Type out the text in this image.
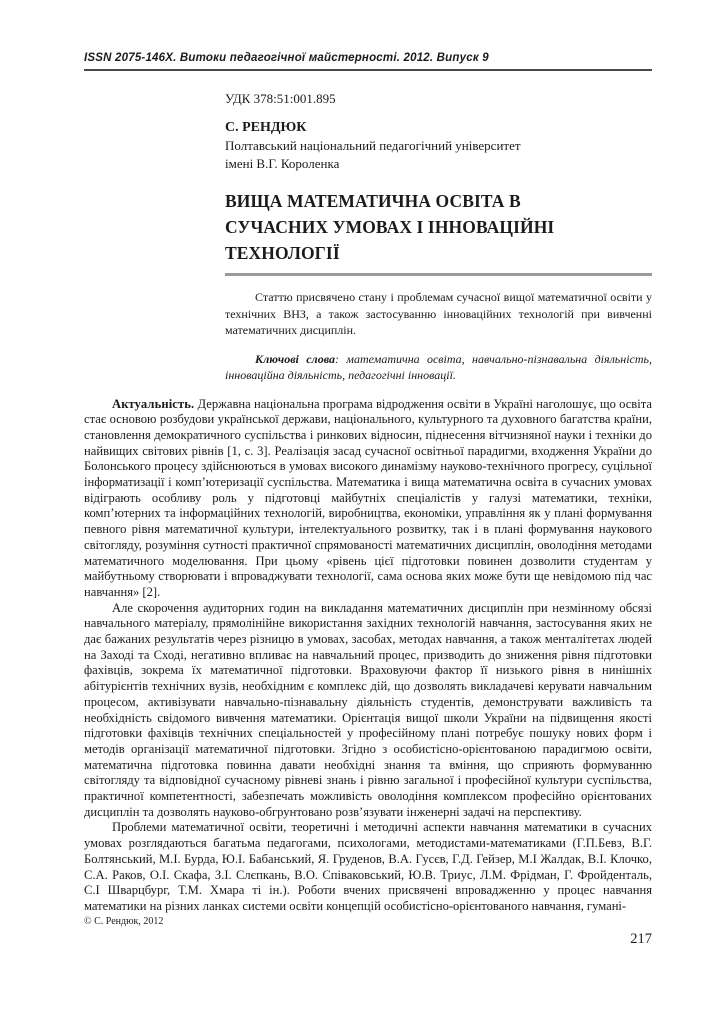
ISSN 2075-146X. Витоки педагогічної майстерності. 2012. Випуск 9
УДК 378:51:001.895
С. РЕНДЮК
Полтавський національний педагогічний університет
імені В.Г. Короленка
ВИЩА МАТЕМАТИЧНА ОСВІТА В СУЧАСНИХ УМОВАХ І ІННОВАЦІЙНІ ТЕХНОЛОГІЇ

Статтю присвячено стану і проблемам сучасної вищої математичної освіти у технічних ВНЗ, а також застосуванню інноваційних технологій при вивченні математичних дисциплін.

Ключові слова: математична освіта, навчально-пізнавальна діяльність, інноваційна діяльність, педагогічні інновації.

Актуальність. Державна національна програма відродження освіти в Україні наголошує, що освіта стає основою розбудови української держави, національного, культурного та духовного багатства країни, становлення демократичного суспільства і ринкових відносин, піднесення вітчизняної науки і техніки до найвищих світових рівнів [1, с. 3]. Реалізація засад сучасної освітньої парадигми, входження України до Болонського процесу здійснюються в умовах високого динамізму науково-технічного прогресу, суцільної інформатизації і комп’ютеризації суспільства. Математика і вища математична освіта в сучасних умовах відіграють особливу роль у підготовці майбутніх спеціалістів у галузі математики, техніки, комп’ютерних та інформаційних технологій, виробництва, економіки, управління як у плані формування певного рівня математичної культури, інтелектуального розвитку, так і в плані формування наукового світогляду, розуміння сутності практичної спрямованості математичних дисциплін, оволодіння методами математичного моделювання. При цьому «рівень цієї підготовки повинен дозволити студентам у майбутньому створювати і впроваджувати технології, сама основа яких може бути ще невідомою під час навчання» [2].

Але скорочення аудиторних годин на викладання математичних дисциплін при незмінному обсязі навчального матеріалу, прямолінійне використання західних технологій навчання, застосування яких не дає бажаних результатів через різницю в умовах, засобах, методах навчання, а також менталітетах людей на Заході та Сході, негативно впливає на навчальний процес, призводить до зниження рівня підготовки фахівців, зокрема їх математичної підготовки. Враховуючи фактор її низького рівня в нинішніх абітурієнтів технічних вузів, необхідним є комплекс дій, що дозволять викладачеві керувати навчальним процесом, активізувати навчально-пізнавальну діяльність студентів, демонструвати важливість та необхідність свідомого вивчення математики. Орієнтація вищої школи України на підвищення якості підготовки фахівців технічних спеціальностей у професійному плані потребує пошуку нових форм і методів організації математичної підготовки. Згідно з особистісно-орієнтованою парадигмою освіти, математична підготовка повинна давати необхідні знання та вміння, що сприяють формуванню світогляду та відповідної сучасному рівневі знань і рівню загальної і професійної культури суспільства, практичної компетентності, забезпечать можливість оволодіння комплексом професійно орієнтованих дисциплін та дозволять науково-обгрунтовано розв’язувати інженерні задачі на перспективу.

Проблеми математичної освіти, теоретичні і методичні аспекти навчання математики в сучасних умовах розглядаються багатьма педагогами, психологами, методистами-математиками (Г.П.Бевз, В.Г. Болтянський, М.І. Бурда, Ю.І. Бабанський, Я. Груденов, В.А. Гусєв, Г.Д. Гейзер, М.І Жалдак, В.І. Клочко, С.А. Раков, О.І. Скафа, З.І. Слєпкань, В.О. Співаковський, Ю.В. Триус, Л.М. Фрідман, Г. Фройденталь, С.І Шварцбург, Т.М. Хмара ті ін.). Роботи вчених присвячені впровадженню у процес навчання математики на різних ланках системи освіти концепцій особистісно-орієнтованого навчання, гумані-

© С. Рендюк, 2012
217
